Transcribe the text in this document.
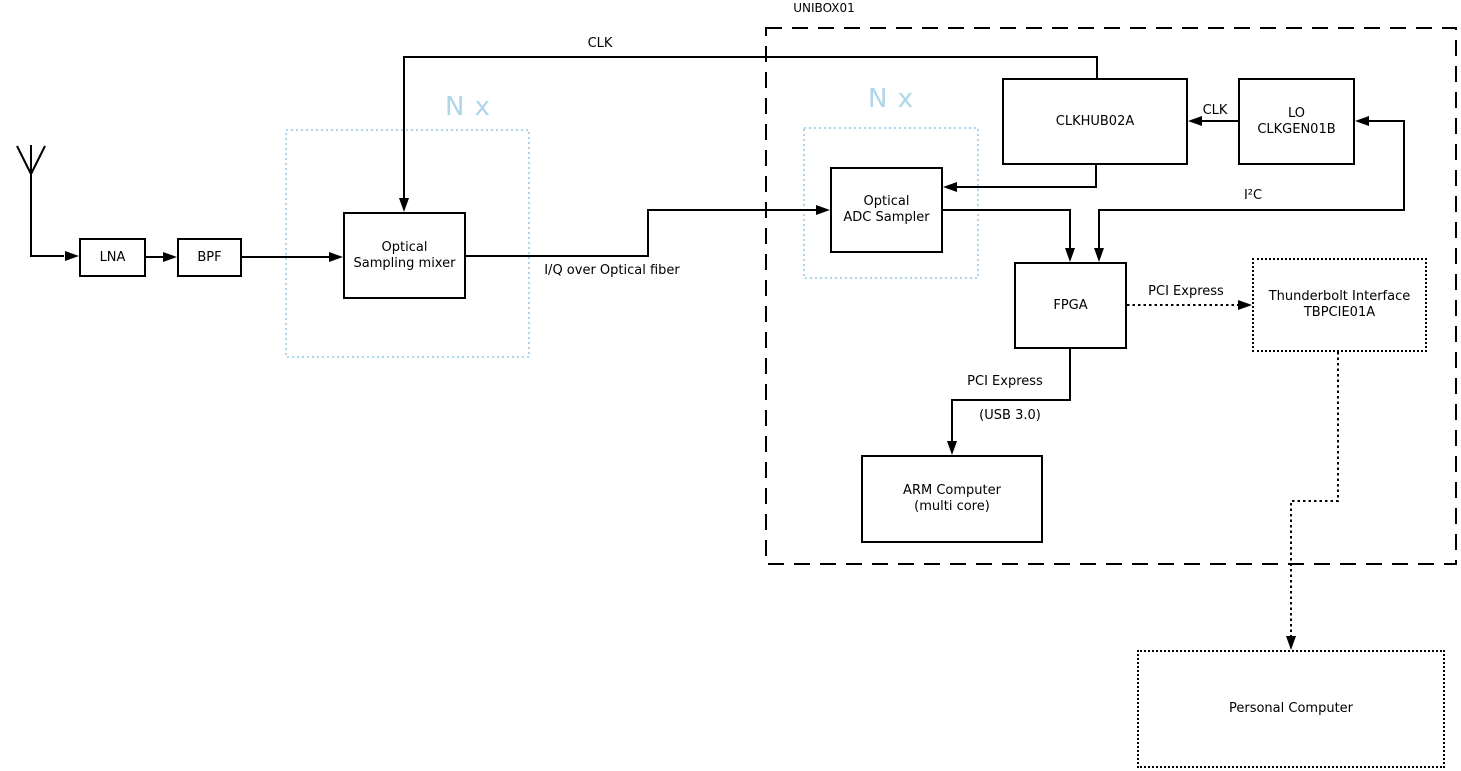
UNIBOX01
N x	N x
LNA	BPF
Optical
Sampling mixer
Optical
ADC Sampler
CLKHUB02A
LO
CLKGEN01B
FPGA
Thunderbolt Interface
TBPCIE01A
ARM Computer
(multi core)
Personal Computer
CLK
I/Q over Optical fiber
CLK
I²C
PCI Express
PCI Express
(USB 3.0)
